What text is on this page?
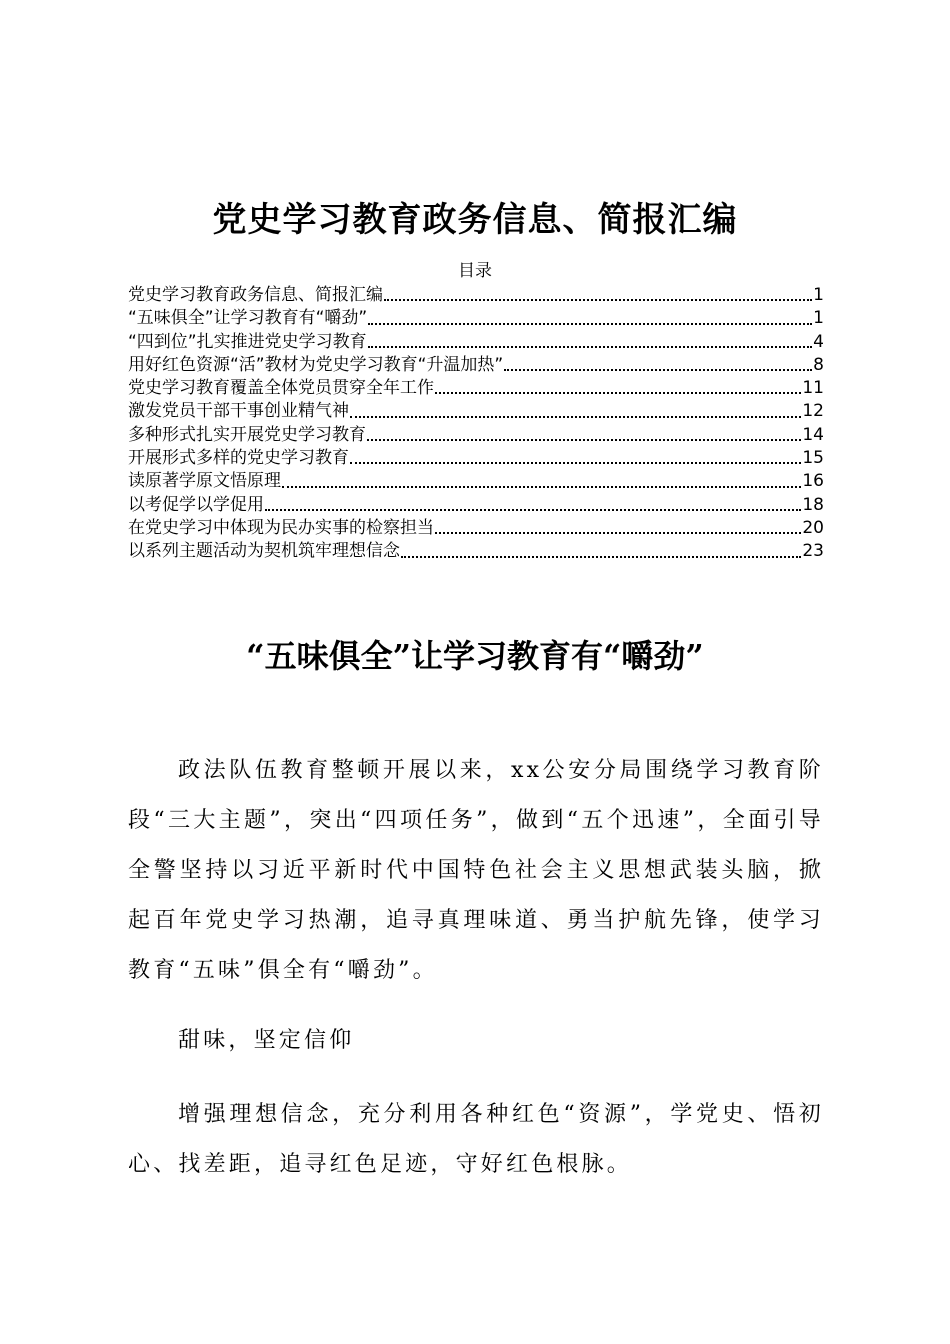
党史学习教育政务信息、简报汇编
目录
党史学习教育政务信息、简报汇编	1
“五味俱全”让学习教育有“嚼劲”	1
“四到位”扎实推进党史学习教育	4
用好红色资源“活”教材为党史学习教育“升温加热”	8
党史学习教育覆盖全体党员贯穿全年工作	11
激发党员干部干事创业精气神	12
多种形式扎实开展党史学习教育	14
开展形式多样的党史学习教育	15
读原著学原文悟原理	16
以考促学以学促用	18
在党史学习中体现为民办实事的检察担当	20
以系列主题活动为契机筑牢理想信念	23
“五味俱全”让学习教育有“嚼劲”

政法队伍教育整顿开展以来，xx公安分局围绕学习教育阶段“三大主题”，突出“四项任务”，做到“五个迅速”，全面引导全警坚持以习近平新时代中国特色社会主义思想武装头脑，掀起百年党史学习热潮，追寻真理味道、勇当护航先锋，使学习教育“五味”俱全有“嚼劲”。

甜味，坚定信仰

增强理想信念，充分利用各种红色“资源”，学党史、悟初心、找差距，追寻红色足迹，守好红色根脉。
